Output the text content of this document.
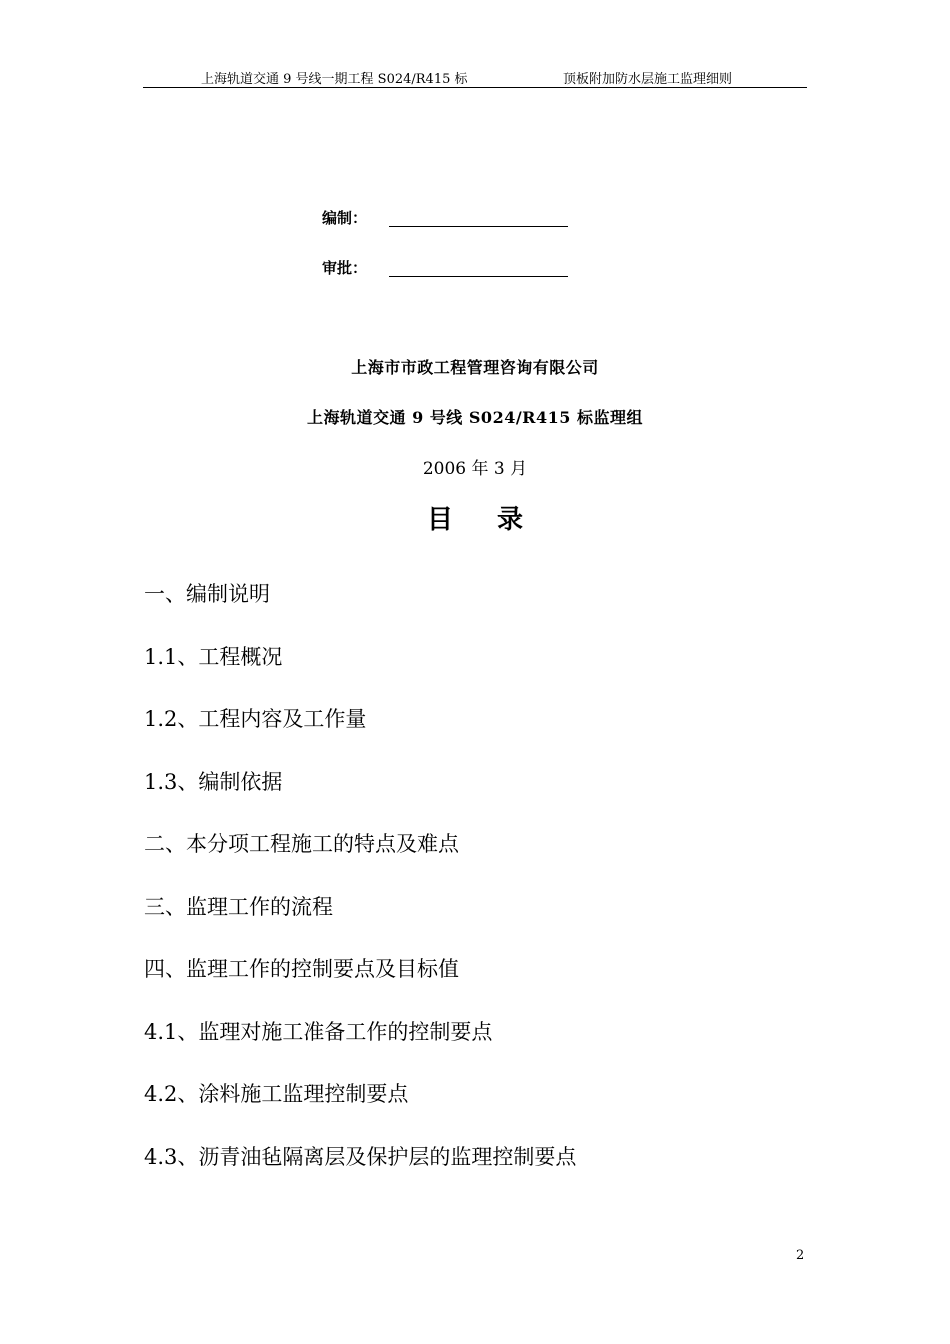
上海轨道交通 9 号线一期工程 S024/R415 标	顶板附加防水层施工监理细则
编制：
审批：
上海市市政工程管理咨询有限公司
上海轨道交通 9 号线 S024/R415 标监理组
2006 年 3 月
目录
一、编制说明
1.1、工程概况
1.2、工程内容及工作量
1.3、编制依据
二、本分项工程施工的特点及难点
三、监理工作的流程
四、监理工作的控制要点及目标值
4.1、监理对施工准备工作的控制要点
4.2、涂料施工监理控制要点
4.3、沥青油毡隔离层及保护层的监理控制要点
2
